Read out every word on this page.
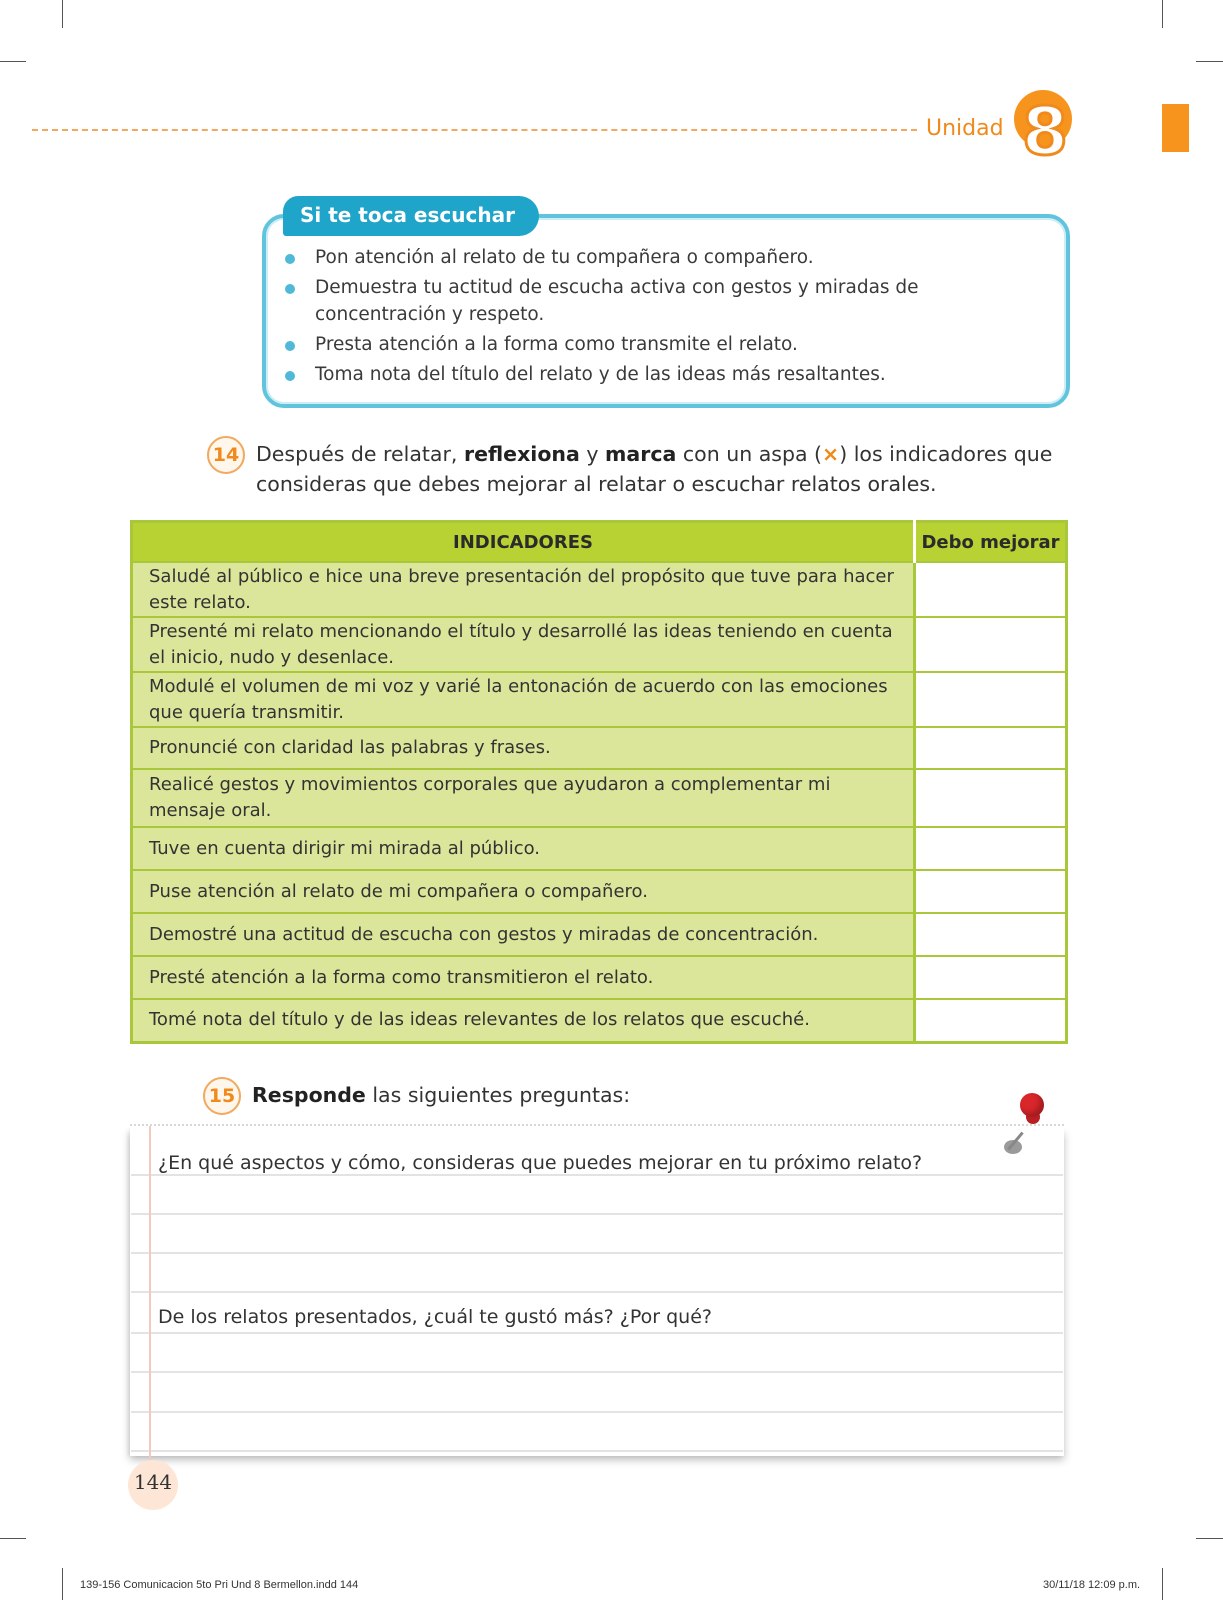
Unidad 8
Si te toca escuchar
Pon atención al relato de tu compañera o compañero.
Demuestra tu actitud de escucha activa con gestos y miradas de concentración y respeto.
Presta atención a la forma como transmite el relato.
Toma nota del título del relato y de las ideas más resaltantes.
14 Después de relatar, reflexiona y marca con un aspa (×) los indicadores que consideras que debes mejorar al relatar o escuchar relatos orales.
INDICADORES	Debo mejorar
Saludé al público e hice una breve presentación del propósito que tuve para hacer este relato.	
Presenté mi relato mencionando el título y desarrollé las ideas teniendo en cuenta el inicio, nudo y desenlace.	
Modulé el volumen de mi voz y varié la entonación de acuerdo con las emociones que quería transmitir.	
Pronuncié con claridad las palabras y frases.	
Realicé gestos y movimientos corporales que ayudaron a complementar mi mensaje oral.	
Tuve en cuenta dirigir mi mirada al público.	
Puse atención al relato de mi compañera o compañero.	
Demostré una actitud de escucha con gestos y miradas de concentración.	
Presté atención a la forma como transmitieron el relato.	
Tomé nota del título y de las ideas relevantes de los relatos que escuché.	
15 Responde las siguientes preguntas:
¿En qué aspectos y cómo, consideras que puedes mejorar en tu próximo relato?
De los relatos presentados, ¿cuál te gustó más? ¿Por qué?
144
139-156 Comunicacion 5to Pri Und 8 Bermellon.indd 144	30/11/18 12:09 p.m.
